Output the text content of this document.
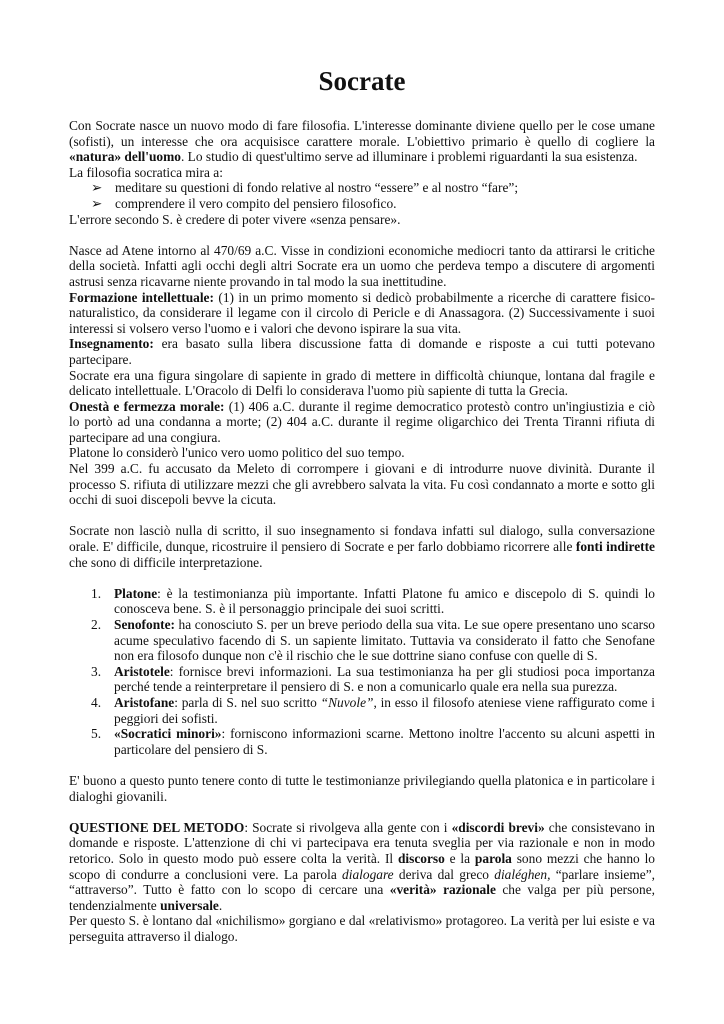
Socrate

Con Socrate nasce un nuovo modo di fare filosofia. L'interesse dominante diviene quello per le cose umane (sofisti), un interesse che ora acquisisce carattere morale. L'obiettivo primario è quello di cogliere la «natura» dell'uomo. Lo studio di quest'ultimo serve ad illuminare i problemi riguardanti la sua esistenza.

La filosofia socratica mira a:

➢ meditare su questioni di fondo relative al nostro “essere” e al nostro “fare”;
➢ comprendere il vero compito del pensiero filosofico.

L'errore secondo S. è credere di poter vivere «senza pensare».

Nasce ad Atene intorno al 470/69 a.C. Visse in condizioni economiche mediocri tanto da attirarsi le critiche della società. Infatti agli occhi degli altri Socrate era un uomo che perdeva tempo a discutere di argomenti astrusi senza ricavarne niente provando in tal modo la sua inettitudine.

Formazione intellettuale: (1) in un primo momento si dedicò probabilmente a ricerche di carattere fisico-naturalistico, da considerare il legame con il circolo di Pericle e di Anassagora. (2) Successivamente i suoi interessi si volsero verso l'uomo e i valori che devono ispirare la sua vita.

Insegnamento: era basato sulla libera discussione fatta di domande e risposte a cui tutti potevano partecipare.

Socrate era una figura singolare di sapiente in grado di mettere in difficoltà chiunque, lontana dal fragile e delicato intellettuale. L'Oracolo di Delfi lo considerava l'uomo più sapiente di tutta la Grecia.

Onestà e fermezza morale: (1) 406 a.C. durante il regime democratico protestò contro un'ingiustizia e ciò lo portò ad una condanna a morte; (2) 404 a.C. durante il regime oligarchico dei Trenta Tiranni rifiuta di partecipare ad una congiura.

Platone lo considerò l'unico vero uomo politico del suo tempo.

Nel 399 a.C. fu accusato da Meleto di corrompere i giovani e di introdurre nuove divinità. Durante il processo S. rifiuta di utilizzare mezzi che gli avrebbero salvata la vita. Fu così condannato a morte e sotto gli occhi di suoi discepoli bevve la cicuta.

Socrate non lasciò nulla di scritto, il suo insegnamento si fondava infatti sul dialogo, sulla conversazione orale. E' difficile, dunque, ricostruire il pensiero di Socrate e per farlo dobbiamo ricorrere alle fonti indirette che sono di difficile interpretazione.

1. Platone: è la testimonianza più importante. Infatti Platone fu amico e discepolo di S. quindi lo conosceva bene. S. è il personaggio principale dei suoi scritti.
2. Senofonte: ha conosciuto S. per un breve periodo della sua vita. Le sue opere presentano uno scarso acume speculativo facendo di S. un sapiente limitato. Tuttavia va considerato il fatto che Senofane non era filosofo dunque non c'è il rischio che le sue dottrine siano confuse con quelle di S.
3. Aristotele: fornisce brevi informazioni. La sua testimonianza ha per gli studiosi poca importanza perché tende a reinterpretare il pensiero di S. e non a comunicarlo quale era nella sua purezza.
4. Aristofane: parla di S. nel suo scritto “Nuvole”, in esso il filosofo ateniese viene raffigurato come i peggiori dei sofisti.
5. «Socratici minori»: forniscono informazioni scarne. Mettono inoltre l'accento su alcuni aspetti in particolare del pensiero di S.

E' buono a questo punto tenere conto di tutte le testimonianze privilegiando quella platonica e in particolare i dialoghi giovanili.

QUESTIONE DEL METODO: Socrate si rivolgeva alla gente con i «discordi brevi» che consistevano in domande e risposte. L'attenzione di chi vi partecipava era tenuta sveglia per via razionale e non in modo retorico. Solo in questo modo può essere colta la verità. Il discorso e la parola sono mezzi che hanno lo scopo di condurre a conclusioni vere. La parola dialogare deriva dal greco dialéghen, “parlare insieme”, “attraverso”. Tutto è fatto con lo scopo di cercare una «verità» razionale che valga per più persone, tendenzialmente universale.

Per questo S. è lontano dal «nichilismo» gorgiano e dal «relativismo» protagoreo. La verità per lui esiste e va perseguita attraverso il dialogo.
